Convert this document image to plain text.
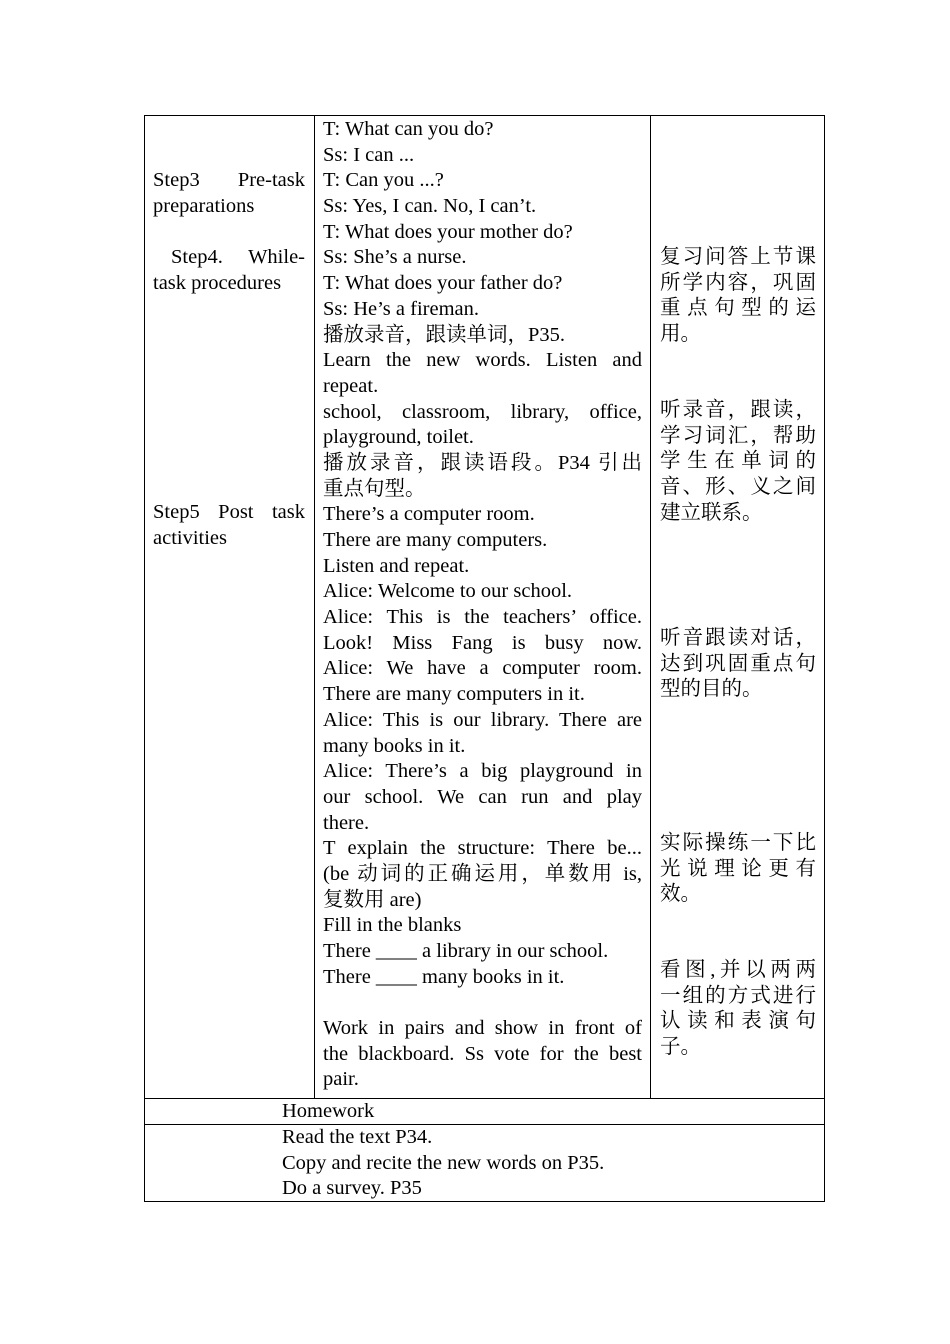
Step3 Pre-task
preparations
Step4. While-
task procedures
Step5 Post task
activities
T: What can you do?
Ss: I can ...
T: Can you ...?
Ss: Yes, I can. No, I can’t.
T: What does your mother do?
Ss: She’s a nurse.
T: What does your father do?
Ss: He’s a fireman.
播放录音，跟读单词，P35.
Learn the new words. Listen and
repeat.
school, classroom, library, office,
playground, toilet.
播放录音，跟读语段。P34 引出
重点句型。
There’s a computer room.
There are many computers.
Listen and repeat.
Alice: Welcome to our school.
Alice: This is the teachers’ office.
Look! Miss Fang is busy now.
Alice: We have a computer room.
There are many computers in it.
Alice: This is our library. There are
many books in it.
Alice: There’s a big playground in
our school. We can run and play
there.
T explain the structure: There be...
(be 动词的正确运用，单数用 is,
复数用 are)
Fill in the blanks
There ____ a library in our school.
There ____ many books in it.
Work in pairs and show in front of
the blackboard. Ss vote for the best
pair.
复习问答上节课
所学内容，巩固
重点句型的运
用。
听录音，跟读，
学习词汇，帮助
学生在单词的
音、形、义之间
建立联系。
听音跟读对话，
达到巩固重点句
型的目的。
实际操练一下比
光说理论更有
效。
看图,并以两两
一组的方式进行
认读和表演句
子。
Homework
Read the text P34.
Copy and recite the new words on P35.
Do a survey. P35
